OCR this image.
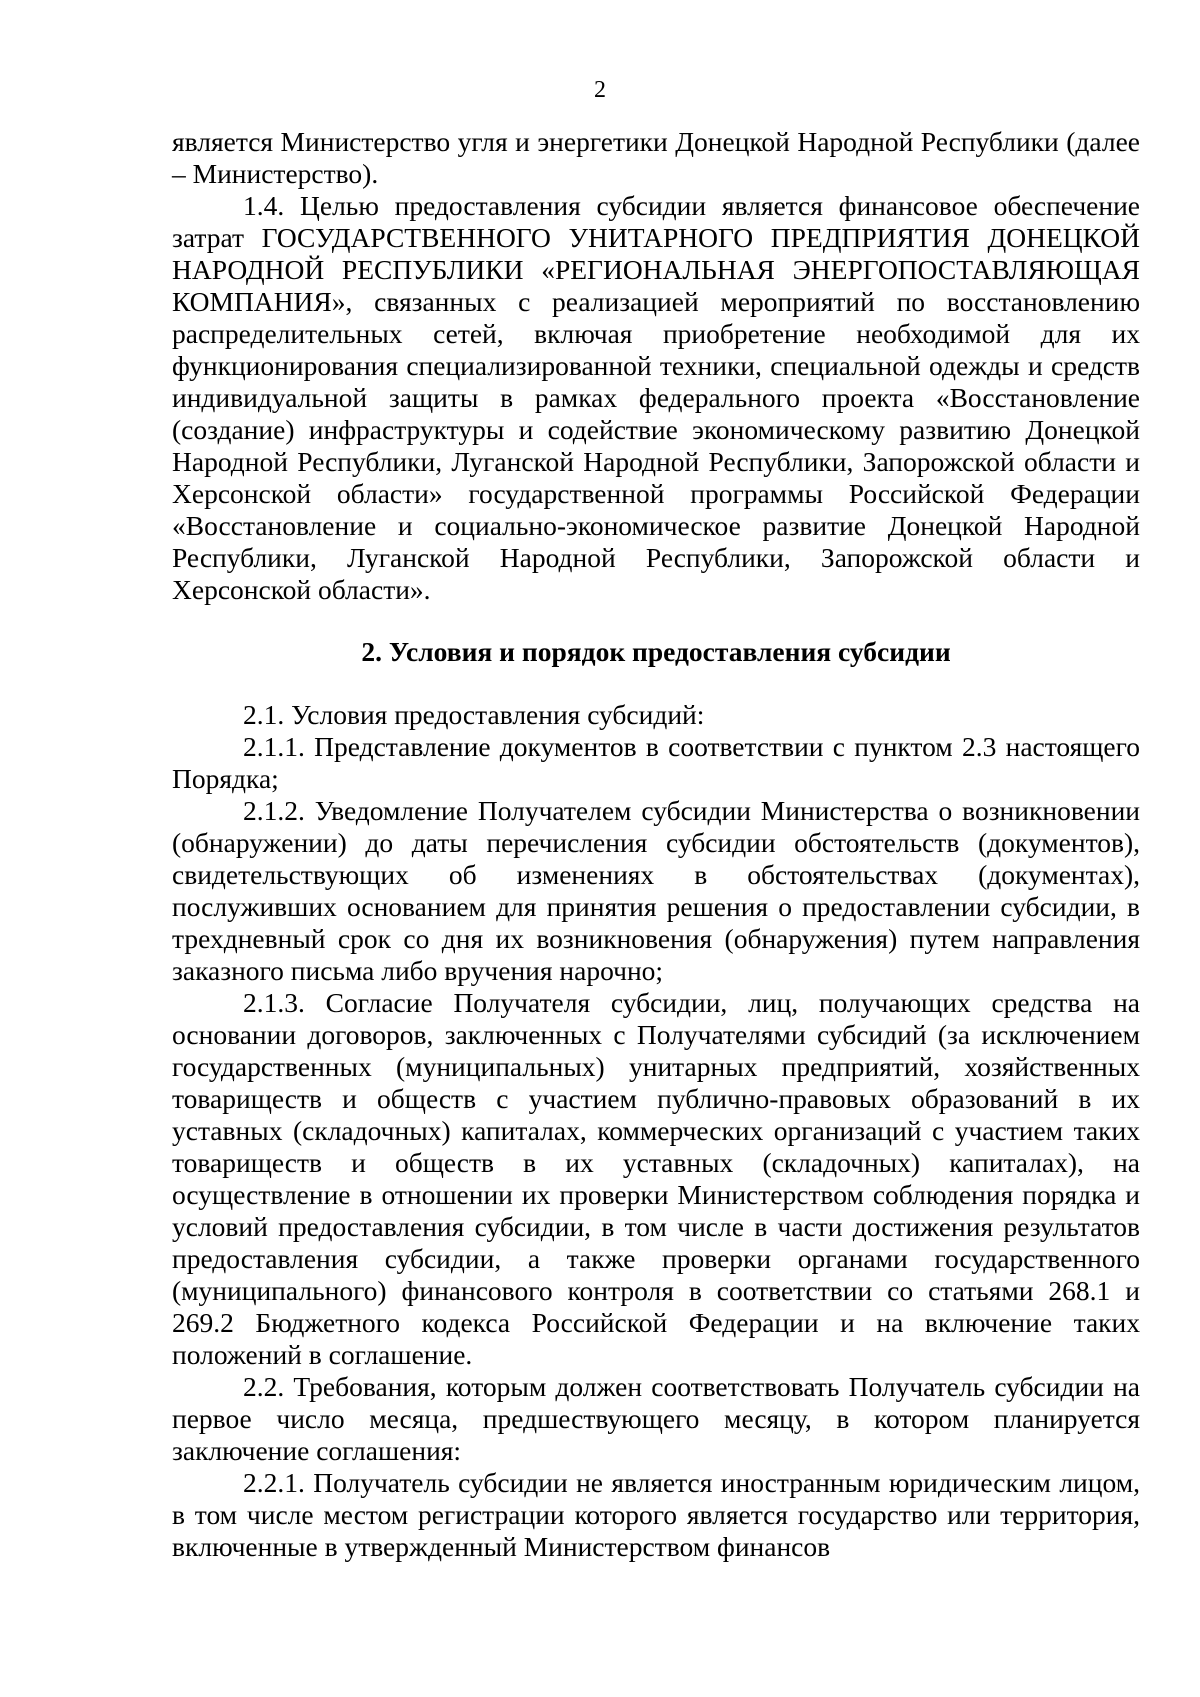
2

является Министерство угля и энергетики Донецкой Народной Республики (далее – Министерство).

1.4. Целью предоставления субсидии является финансовое обеспечение затрат ГОСУДАРСТВЕННОГО УНИТАРНОГО ПРЕДПРИЯТИЯ ДОНЕЦКОЙ НАРОДНОЙ РЕСПУБЛИКИ «РЕГИОНАЛЬНАЯ ЭНЕРГОПОСТАВЛЯЮЩАЯ КОМПАНИЯ», связанных с реализацией мероприятий по восстановлению распределительных сетей, включая приобретение необходимой для их функционирования специализированной техники, специальной одежды и средств индивидуальной защиты в рамках федерального проекта «Восстановление (создание) инфраструктуры и содействие экономическому развитию Донецкой Народной Республики, Луганской Народной Республики, Запорожской области и Херсонской области» государственной программы Российской Федерации «Восстановление и социально-экономическое развитие Донецкой Народной Республики, Луганской Народной Республики, Запорожской области и Херсонской области».

2. Условия и порядок предоставления субсидии

2.1. Условия предоставления субсидий:

2.1.1. Представление документов в соответствии с пунктом 2.3 настоящего Порядка;

2.1.2. Уведомление Получателем субсидии Министерства о возникновении (обнаружении) до даты перечисления субсидии обстоятельств (документов), свидетельствующих об изменениях в обстоятельствах (документах), послуживших основанием для принятия решения о предоставлении субсидии, в трехдневный срок со дня их возникновения (обнаружения) путем направления заказного письма либо вручения нарочно;

2.1.3. Согласие Получателя субсидии, лиц, получающих средства на основании договоров, заключенных с Получателями субсидий (за исключением государственных (муниципальных) унитарных предприятий, хозяйственных товариществ и обществ с участием публично-правовых образований в их уставных (складочных) капиталах, коммерческих организаций с участием таких товариществ и обществ в их уставных (складочных) капиталах), на осуществление в отношении их проверки Министерством соблюдения порядка и условий предоставления субсидии, в том числе в части достижения результатов предоставления субсидии, а также проверки органами государственного (муниципального) финансового контроля в соответствии со статьями 268.1 и 269.2 Бюджетного кодекса Российской Федерации и на включение таких положений в соглашение.

2.2. Требования, которым должен соответствовать Получатель субсидии на первое число месяца, предшествующего месяцу, в котором планируется заключение соглашения:

2.2.1. Получатель субсидии не является иностранным юридическим лицом, в том числе местом регистрации которого является государство или территория, включенные в утвержденный Министерством финансов
